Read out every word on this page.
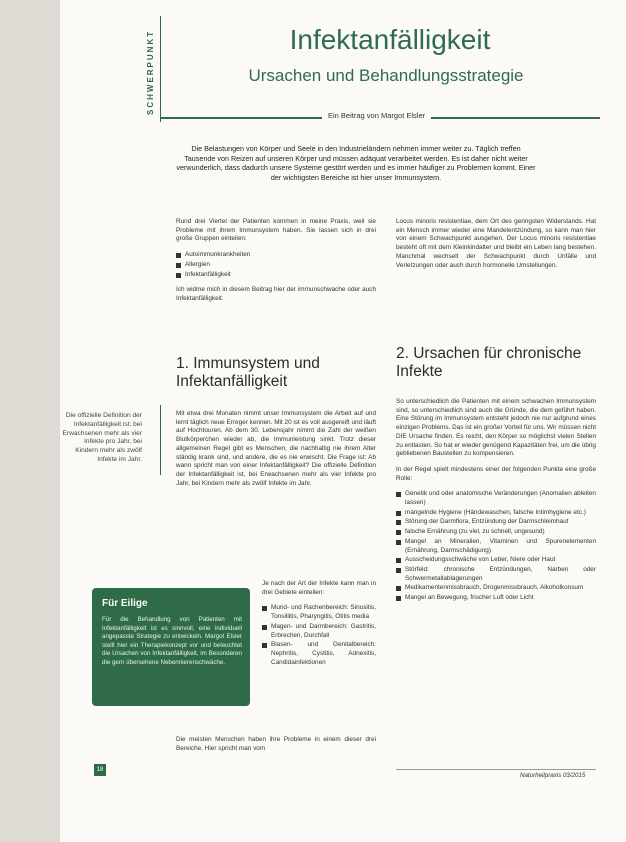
SCHWERPUNKT	Infektanfälligkeit
Ursachen und Behandlungsstrategie
Ein Beitrag von Margot Elsler
Die Belastungen von Körper und Seele in den Industrieländern nehmen immer weiter zu. Täglich treffen Tausende von Reizen auf unseren Körper und müssen adäquat verarbeitet werden. Es ist daher nicht weiter verwunderlich, dass dadurch unsere Systeme gestört werden und es immer häufiger zu Problemen kommt. Einer der wichtigsten Bereiche ist hier unser Immunsystem.

Rund drei Viertel der Patienten kommen in meine Praxis, weil sie Probleme mit ihrem Immunsystem haben. Sie lassen sich in drei große Gruppen einteilen:

Autoimmunkrankheiten
Allergien
Infektanfälligkeit

Ich widme mich in diesem Beitrag hier der immunschwache oder auch Infektanfälligkeit.

1. Immunsystem und Infektanfälligkeit

Mit etwa drei Monaten nimmt unser Immunsystem die Arbeit auf und lernt täglich neue Erreger kennen. Mit 20 ist es voll ausgereift und läuft auf Hochtouren. Ab dem 30. Lebensjahr nimmt die Zahl der weißen Blutkörperchen wieder ab, die Immunleistung sinkt. Trotz dieser allgemeinen Regel gibt es Menschen, die nachhaltig nie ihrem Alter ständig krank sind, und andere, die es nie erwischt. Die Frage ist: Ab wann spricht man von einer Infektanfälligkeit? Die offizielle Definition der Infektanfälligkeit ist, bei Erwachsenen mehr als vier Infekte pro Jahr, bei Kindern mehr als zwölf Infekte im Jahr.

Je nach der Art der Infekte kann man in drei Gebiete einteilen:

Mund- und Rachenbereich: Sinusitis, Tonsillitis, Pharyngitis, Otitis media
Magen- und Darmbereich: Gastritis, Erbrechen, Durchfall
Blasen- und Genitalbereich: Nephritis, Cystitis, Adnexitis, Candidainfektionen

Die meisten Menschen haben ihre Probleme in einem dieser drei Bereiche. Hier spricht man vom

Locus minoris resistentiae, dem Ort des geringsten Widerstands. Hat ein Mensch immer wieder eine Mandelentzündung, so kann man hier von einem Schwachpunkt ausgehen. Der Locus minoris resistentiae besteht oft mit dem Kleinkindalter und bleibt ein Leben lang bestehen. Manchmal wechselt der Schwachpunkt durch Unfälle und Verletzungen oder auch durch hormonelle Umstellungen.

2. Ursachen für chronische Infekte

So unterschiedlich die Patienten mit einem schwachen Immunsystem sind, so unterschiedlich sind auch die Gründe, die dem geführt haben. Eine Störung im Immunsystem entsteht jedoch nie nur aufgrund eines einzigen Problems. Das ist ein großer Vorteil für uns. Wir müssen nicht DIE Ursache finden. Es reicht, den Körper so möglichst vielen Stellen zu entlasten. So hat er wieder genügend Kapazitäten frei, um die übrig gebliebenen Baustellen zu kompensieren.

In der Regel spielt mindestens einer der folgenden Punkte eine große Rolle:

Genetik und oder anatomische Veränderungen (Anomalien ableiten lassen)
mangelnde Hygiene (Händewaschen, falsche Intimhygiene etc.)
Störung der Darmflora, Entzündung der Darmschleimhaut
falsche Ernährung (zu viel, zu schnell, ungesund)
Mangel an Mineralien, Vitaminen und Spurenelementen (Ernährung, Darmschädigung)
Ausscheidungsschwäche von Leber, Niere oder Haut
Störfeld: chronische Entzündungen, Narben oder Schwermetallablagerungen
Medikamentenmissbrauch, Drogenmissbrauch, Alkoholkonsum
Mangel an Bewegung, frischer Luft oder Licht
Die offizielle Definition der Infektanfälligkeit ist: bei Erwachsenen mehr als vier Infekte pro Jahr, bei Kindern mehr als zwölf Infekte im Jahr.
Für Eilige
Für die Behandlung von Patienten mit Infektanfälligkeit ist es sinnvoll, eine individuell angepasste Strategie zu entwickeln. Margot Elsler stellt hier ein Therapiekonzept vor und beleuchtet die Ursachen von Infektanfälligkeit, im Besonderen die gern übersehene Nebennierenschwäche.
18
Naturheilpraxis 03/2015
